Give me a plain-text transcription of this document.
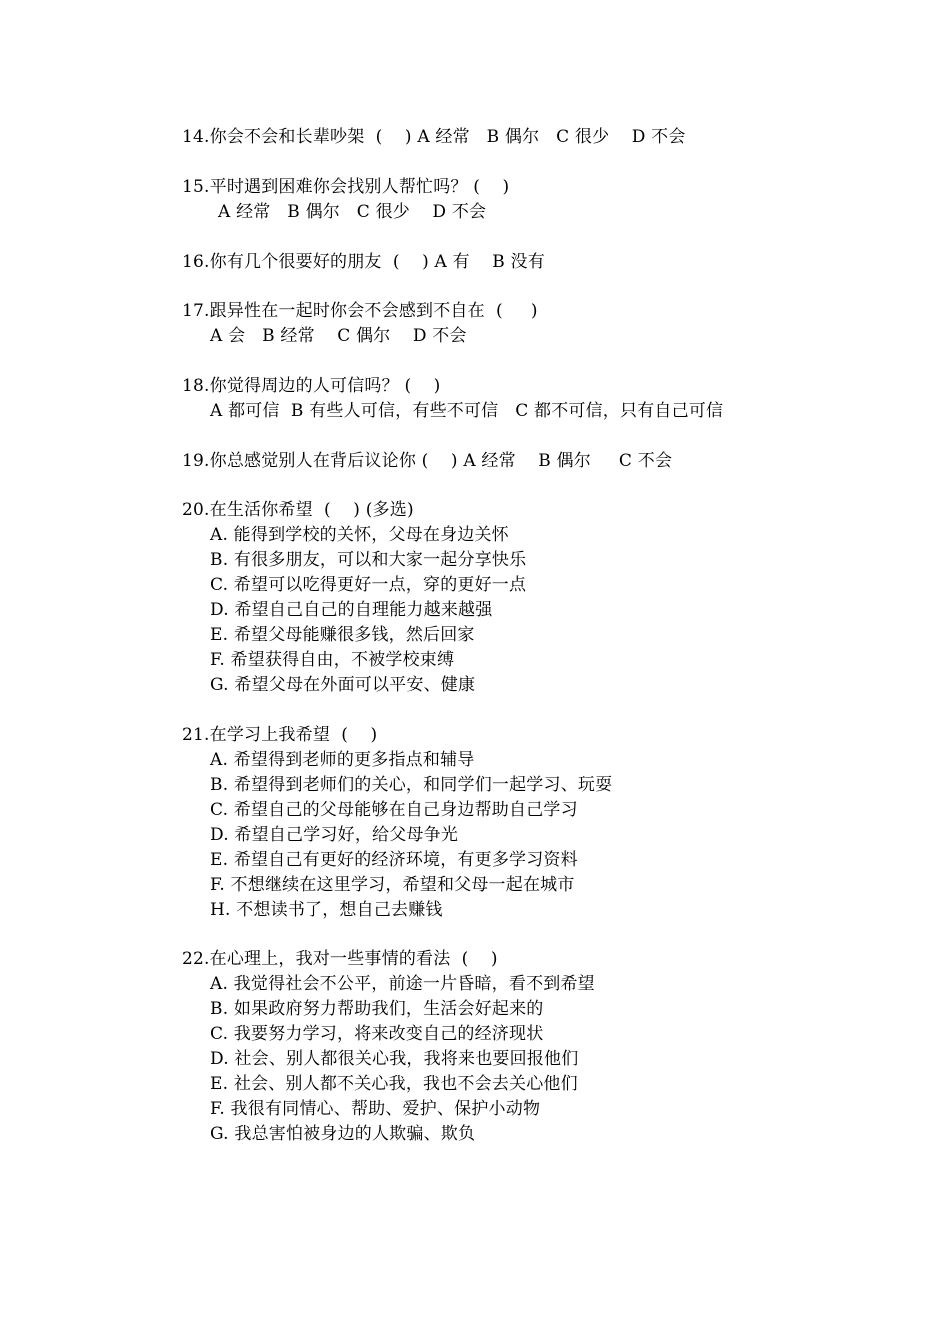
14.你会不会和长辈吵架  (    ) A 经常   B 偶尔   C 很少    D 不会
15.平时遇到困难你会找别人帮忙吗？ (    )
A 经常   B 偶尔   C 很少    D 不会
16.你有几个很要好的朋友  (    ) A 有    B 没有
17.跟异性在一起时你会不会感到不自在  (     )
A 会   B 经常    C 偶尔    D 不会
18.你觉得周边的人可信吗？ (    )
A 都可信  B 有些人可信，有些不可信   C 都不可信，只有自己可信
19.你总感觉别人在背后议论你 (    ) A 经常    B 偶尔     C 不会
20.在生活你希望  (    ) (多选)
A. 能得到学校的关怀，父母在身边关怀
B. 有很多朋友，可以和大家一起分享快乐
C. 希望可以吃得更好一点，穿的更好一点
D. 希望自己自己的自理能力越来越强
E. 希望父母能赚很多钱，然后回家
F. 希望获得自由，不被学校束缚
G. 希望父母在外面可以平安、健康
21.在学习上我希望  (    )
A. 希望得到老师的更多指点和辅导
B. 希望得到老师们的关心，和同学们一起学习、玩耍
C. 希望自己的父母能够在自己身边帮助自己学习
D. 希望自己学习好，给父母争光
E. 希望自己有更好的经济环境，有更多学习资料
F. 不想继续在这里学习，希望和父母一起在城市
H. 不想读书了，想自己去赚钱
22.在心理上，我对一些事情的看法  (    )
A. 我觉得社会不公平，前途一片昏暗，看不到希望
B. 如果政府努力帮助我们，生活会好起来的
C. 我要努力学习，将来改变自己的经济现状
D. 社会、别人都很关心我，我将来也要回报他们
E. 社会、别人都不关心我，我也不会去关心他们
F. 我很有同情心、帮助、爱护、保护小动物
G. 我总害怕被身边的人欺骗、欺负
